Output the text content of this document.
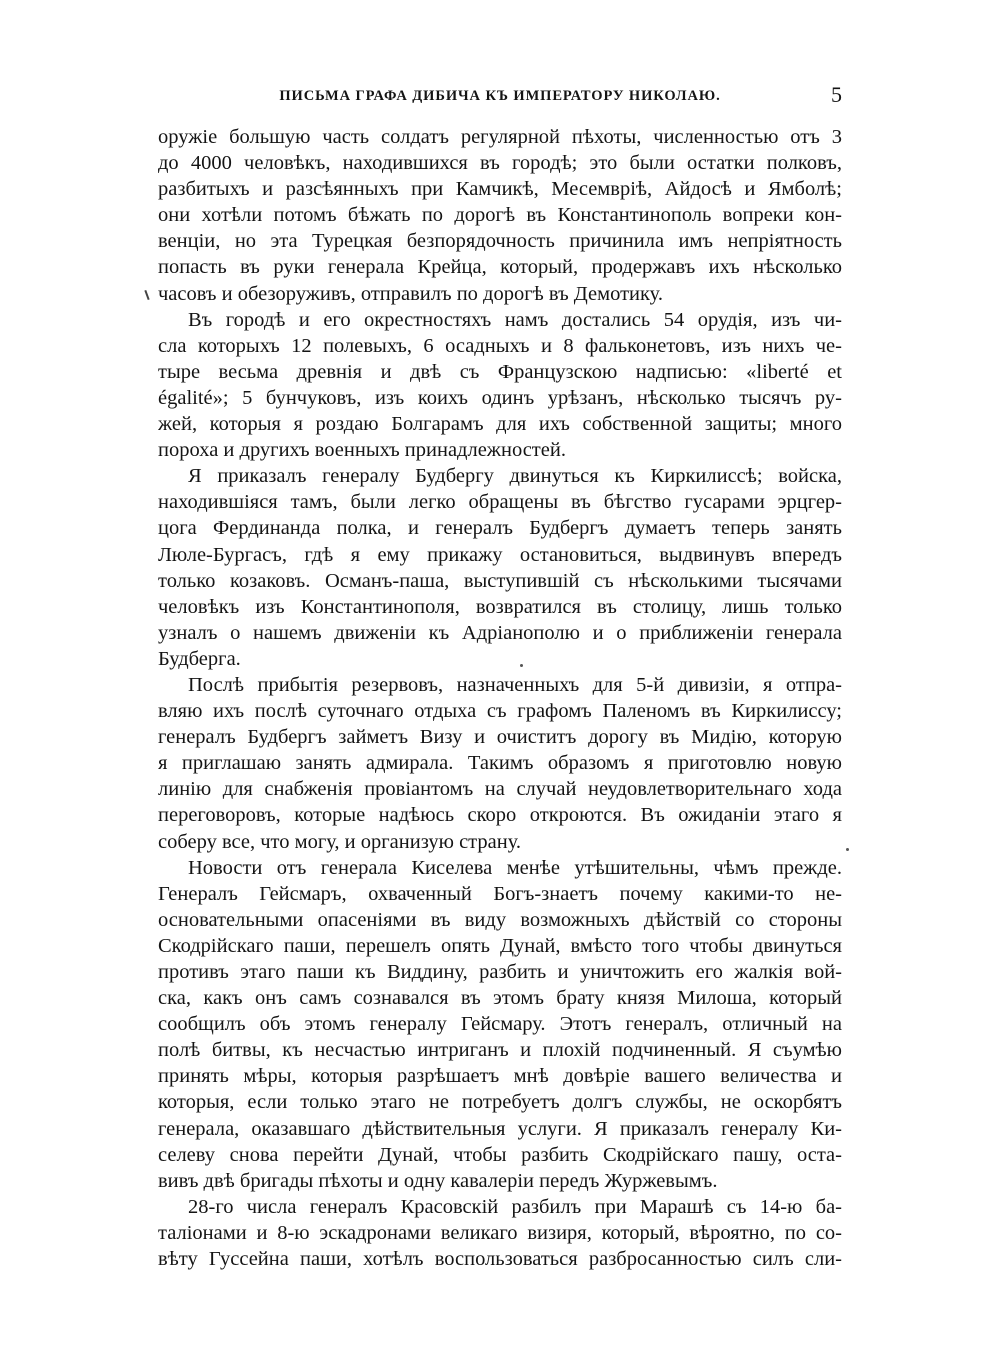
ПИСЬМА ГРАФА ДИБИЧА КЪ ИМПЕРАТОРУ НИКОЛАЮ.	5
оружіе большую часть солдатъ регулярной пѣхоты, численностью отъ 3
до 4000 человѣкъ, находившихся въ городѣ; это были остатки полковъ,
разбитыхъ и разсѣянныхъ при Камчикѣ, Месемвріѣ, Айдосѣ и Ямболѣ;
они хотѣли потомъ бѣжать по дорогѣ въ Константинополь вопреки кон-
венціи, но эта Турецкая безпорядочность причинила имъ непріятность
попасть въ руки генерала Крейца, который, продержавъ ихъ нѣсколько
часовъ и обезоруживъ, отправилъ по дорогѣ въ Демотику.
Въ городѣ и его окрестностяхъ намъ достались 54 орудія, изъ чи-
сла которыхъ 12 полевыхъ, 6 осадныхъ и 8 фальконетовъ, изъ нихъ че-
тыре весьма древнія и двѣ съ Французскою надписью: «liberté et
égalité»; 5 бунчуковъ, изъ коихъ одинъ урѣзанъ, нѣсколько тысячъ ру-
жей, которыя я роздаю Болгарамъ для ихъ собственной защиты; много
пороха и другихъ военныхъ принадлежностей.
Я приказалъ генералу Будбергу двинуться къ Киркилиссѣ; войска,
находившіяся тамъ, были легко обращены въ бѣгство гусарами эрцгер-
цога Фердинанда полка, и генералъ Будбергъ думаетъ теперь занять
Люле-Бургасъ, гдѣ я ему прикажу остановиться, выдвинувъ впередъ
только козаковъ. Османъ-паша, выступившій съ нѣсколькими тысячами
человѣкъ изъ Константинополя, возвратился въ столицу, лишь только
узналъ о нашемъ движеніи къ Адріанополю и о приближеніи генерала
Будберга.
Послѣ прибытія резервовъ, назначенныхъ для 5-й дивизіи, я отпра-
вляю ихъ послѣ суточнаго отдыха съ графомъ Паленомъ въ Киркилиссу;
генералъ Будбергъ займетъ Визу и очиститъ дорогу въ Мидію, которую
я приглашаю занять адмирала. Такимъ образомъ я приготовлю новую
линію для снабженія провіантомъ на случай неудовлетворительнаго хода
переговоровъ, которые надѣюсь скоро откроются. Въ ожиданіи этаго я
соберу все, что могу, и организую страну.
Новости отъ генерала Киселева менѣе утѣшительны, чѣмъ прежде.
Генералъ Гейсмаръ, охваченный Богъ-знаетъ почему какими-то не-
основательными опасеніями въ виду возможныхъ дѣйствій со стороны
Скодрійскаго паши, перешелъ опять Дунай, вмѣсто того чтобы двинуться
противъ этаго паши къ Виддину, разбить и уничтожить его жалкія вой-
ска, какъ онъ самъ сознавался въ этомъ брату князя Милоша, который
сообщилъ объ этомъ генералу Гейсмару. Этотъ генералъ, отличный на
полѣ битвы, къ несчастью интриганъ и плохій подчиненный. Я съумѣю
принять мѣры, которыя разрѣшаетъ мнѣ довѣріе вашего величества и
которыя, если только этаго не потребуетъ долгъ службы, не оскорбятъ
генерала, оказавшаго дѣйствительныя услуги. Я приказалъ генералу Ки-
селеву снова перейти Дунай, чтобы разбить Скодрійскаго пашу, оста-
вивъ двѣ бригады пѣхоты и одну кавалеріи передъ Журжевымъ.
28-го числа генералъ Красовскій разбилъ при Марашѣ съ 14-ю ба-
таліонами и 8-ю эскадронами великаго визиря, который, вѣроятно, по со-
вѣту Гуссейна паши, хотѣлъ воспользоваться разбросанностью силъ сли-
